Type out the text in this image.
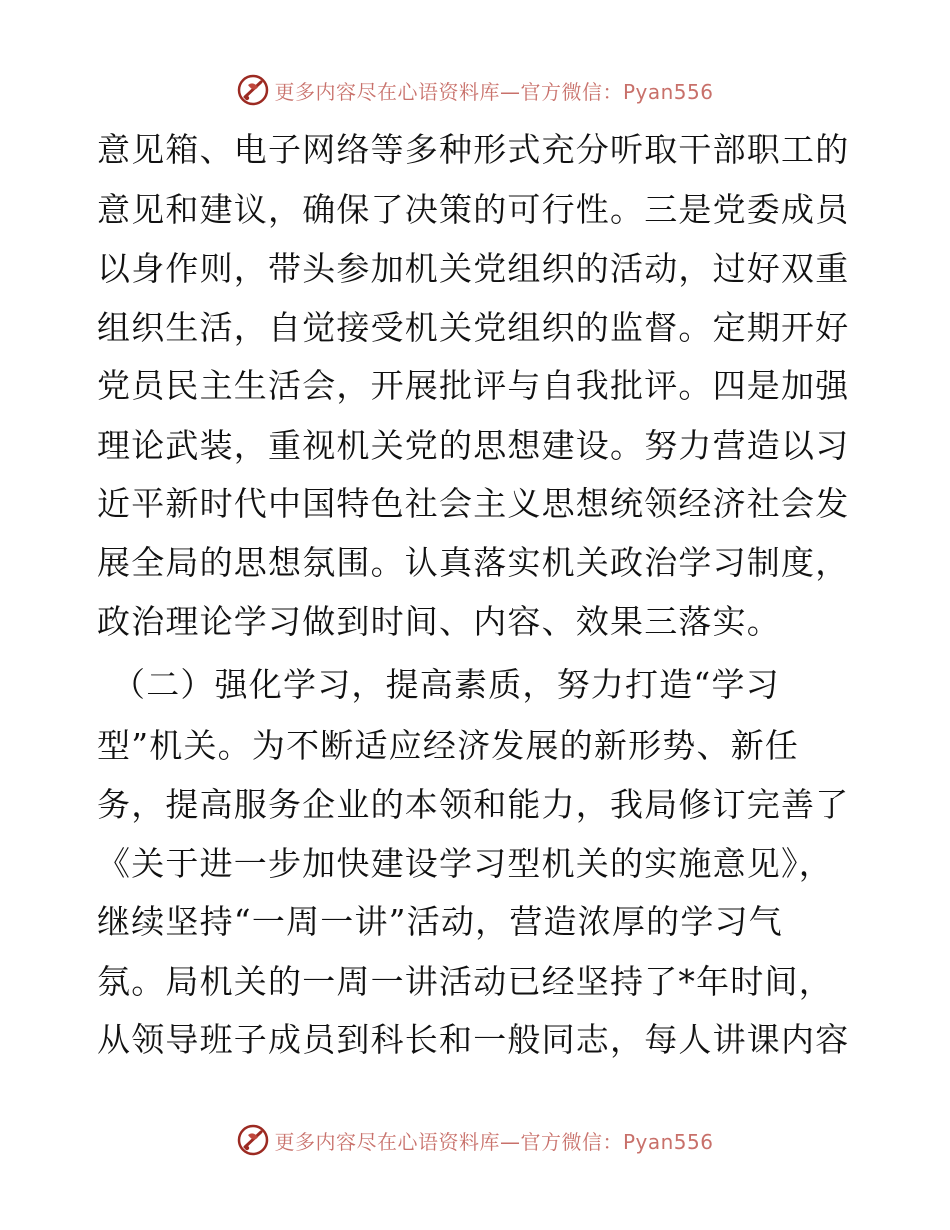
更多内容尽在心语资料库—官方微信：Pyan556
意见箱、电子网络等多种形式充分听取干部职工的
意见和建议，确保了决策的可行性。三是党委成员
以身作则，带头参加机关党组织的活动，过好双重
组织生活，自觉接受机关党组织的监督。定期开好
党员民主生活会，开展批评与自我批评。四是加强
理论武装，重视机关党的思想建设。努力营造以习
近平新时代中国特色社会主义思想统领经济社会发
展全局的思想氛围。认真落实机关政治学习制度，
政治理论学习做到时间、内容、效果三落实。
（二）强化学习，提高素质，努力打造“学习
型”机关。为不断适应经济发展的新形势、新任
务，提高服务企业的本领和能力，我局修订完善了
《关于进一步加快建设学习型机关的实施意见》，
继续坚持“一周一讲”活动，营造浓厚的学习气
氛。局机关的一周一讲活动已经坚持了*年时间，
从领导班子成员到科长和一般同志，每人讲课内容
更多内容尽在心语资料库—官方微信：Pyan556
